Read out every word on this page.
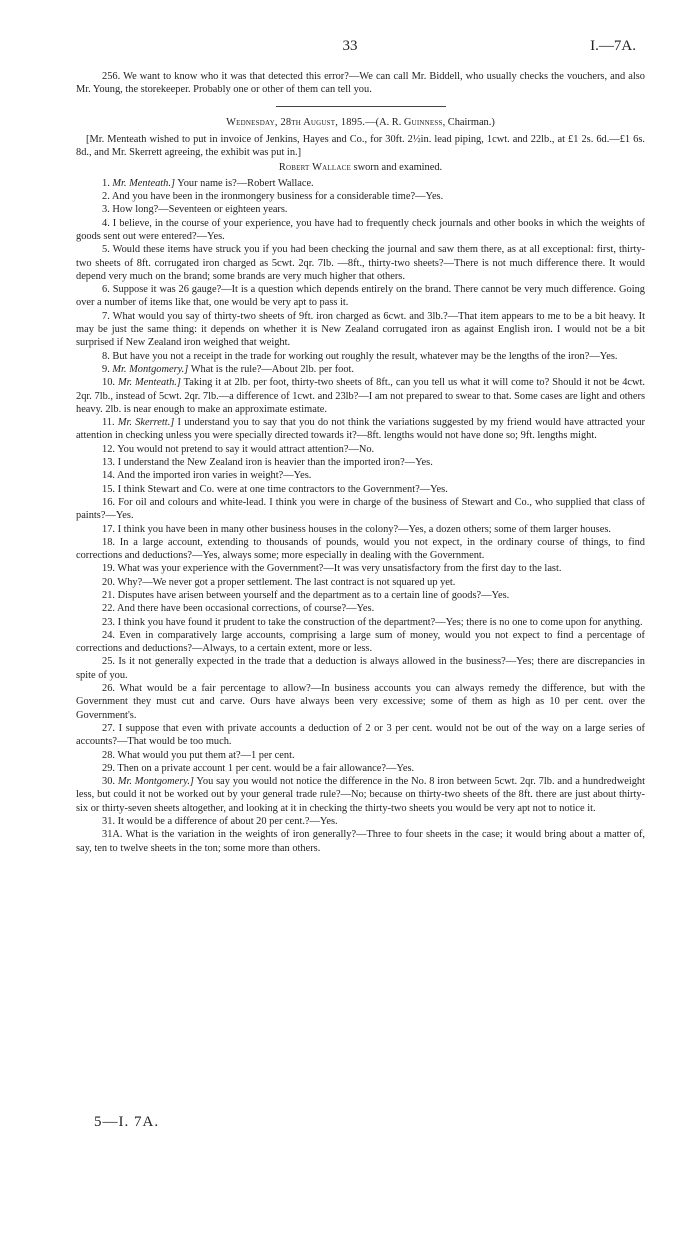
33	I.—7A.

256. We want to know who it was that detected this error?—We can call Mr. Biddell, who usually checks the vouchers, and also Mr. Young, the storekeeper. Probably one or other of them can tell you.

Wednesday, 28th August, 1895.—(A. R. Guinness, Chairman.)

[Mr. Menteath wished to put in invoice of Jenkins, Hayes and Co., for 30ft. 2½in. lead piping, 1cwt. and 22lb., at £1 2s. 6d.—£1 6s. 8d., and Mr. Skerrett agreeing, the exhibit was put in.]

Robert Wallace sworn and examined.

1. Mr. Menteath.] Your name is?—Robert Wallace.

2. And you have been in the ironmongery business for a considerable time?—Yes.

3. How long?—Seventeen or eighteen years.

4. I believe, in the course of your experience, you have had to frequently check journals and other books in which the weights of goods sent out were entered?—Yes.

5. Would these items have struck you if you had been checking the journal and saw them there, as at all exceptional: first, thirty-two sheets of 8ft. corrugated iron charged as 5cwt. 2qr. 7lb. —8ft., thirty-two sheets?—There is not much difference there. It would depend very much on the brand; some brands are very much higher that others.

6. Suppose it was 26 gauge?—It is a question which depends entirely on the brand. There cannot be very much difference. Going over a number of items like that, one would be very apt to pass it.

7. What would you say of thirty-two sheets of 9ft. iron charged as 6cwt. and 3lb.?—That item appears to me to be a bit heavy. It may be just the same thing: it depends on whether it is New Zealand corrugated iron as against English iron. I would not be a bit surprised if New Zealand iron weighed that weight.

8. But have you not a receipt in the trade for working out roughly the result, whatever may be the lengths of the iron?—Yes.

9. Mr. Montgomery.] What is the rule?—About 2lb. per foot.

10. Mr. Menteath.] Taking it at 2lb. per foot, thirty-two sheets of 8ft., can you tell us what it will come to? Should it not be 4cwt. 2qr. 7lb., instead of 5cwt. 2qr. 7lb.—a difference of 1cwt. and 23lb?—I am not prepared to swear to that. Some cases are light and others heavy. 2lb. is near enough to make an approximate estimate.

11. Mr. Skerrett.] I understand you to say that you do not think the variations suggested by my friend would have attracted your attention in checking unless you were specially directed towards it?—8ft. lengths would not have done so; 9ft. lengths might.

12. You would not pretend to say it would attract attention?—No.

13. I understand the New Zealand iron is heavier than the imported iron?—Yes.

14. And the imported iron varies in weight?—Yes.

15. I think Stewart and Co. were at one time contractors to the Government?—Yes.

16. For oil and colours and white-lead. I think you were in charge of the business of Stewart and Co., who supplied that class of paints?—Yes.

17. I think you have been in many other business houses in the colony?—Yes, a dozen others; some of them larger houses.

18. In a large account, extending to thousands of pounds, would you not expect, in the ordinary course of things, to find corrections and deductions?—Yes, always some; more especially in dealing with the Government.

19. What was your experience with the Government?—It was very unsatisfactory from the first day to the last.

20. Why?—We never got a proper settlement. The last contract is not squared up yet.

21. Disputes have arisen between yourself and the department as to a certain line of goods?—Yes.

22. And there have been occasional corrections, of course?—Yes.

23. I think you have found it prudent to take the construction of the department?—Yes; there is no one to come upon for anything.

24. Even in comparatively large accounts, comprising a large sum of money, would you not expect to find a percentage of corrections and deductions?—Always, to a certain extent, more or less.

25. Is it not generally expected in the trade that a deduction is always allowed in the business?—Yes; there are discrepancies in spite of you.

26. What would be a fair percentage to allow?—In business accounts you can always remedy the difference, but with the Government they must cut and carve. Ours have always been very excessive; some of them as high as 10 per cent. over the Government's.

27. I suppose that even with private accounts a deduction of 2 or 3 per cent. would not be out of the way on a large series of accounts?—That would be too much.

28. What would you put them at?—1 per cent.

29. Then on a private account 1 per cent. would be a fair allowance?—Yes.

30. Mr. Montgomery.] You say you would not notice the difference in the No. 8 iron between 5cwt. 2qr. 7lb. and a hundredweight less, but could it not be worked out by your general trade rule?—No; because on thirty-two sheets of the 8ft. there are just about thirty-six or thirty-seven sheets altogether, and looking at it in checking the thirty-two sheets you would be very apt not to notice it.

31. It would be a difference of about 20 per cent.?—Yes.

31A. What is the variation in the weights of iron generally?—Three to four sheets in the case; it would bring about a matter of, say, ten to twelve sheets in the ton; some more than others.

5—I. 7A.
